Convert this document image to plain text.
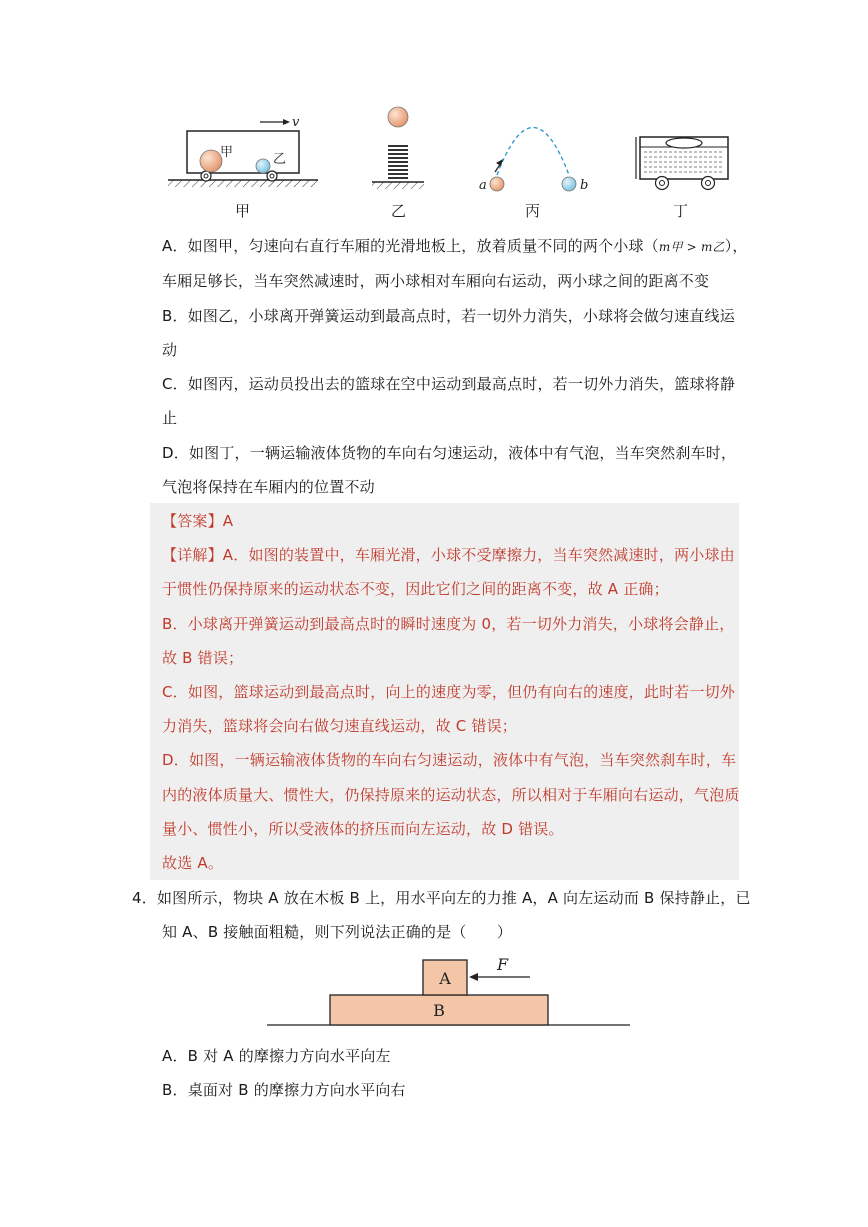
甲	乙
v
a	b
甲	乙	丙	丁
A．如图甲，匀速向右直行车厢的光滑地板上，放着质量不同的两个小球（m甲 > m乙），
车厢足够长，当车突然减速时，两小球相对车厢向右运动，两小球之间的距离不变
B．如图乙，小球离开弹簧运动到最高点时，若一切外力消失，小球将会做匀速直线运
动
C．如图丙，运动员投出去的篮球在空中运动到最高点时，若一切外力消失，篮球将静
止
D．如图丁，一辆运输液体货物的车向右匀速运动，液体中有气泡，当车突然刹车时，
气泡将保持在车厢内的位置不动
【答案】A
【详解】A．如图的装置中，车厢光滑，小球不受摩擦力，当车突然减速时，两小球由
于惯性仍保持原来的运动状态不变，因此它们之间的距离不变，故 A 正确；
B．小球离开弹簧运动到最高点时的瞬时速度为 0，若一切外力消失，小球将会静止，
故 B 错误；
C．如图，篮球运动到最高点时，向上的速度为零，但仍有向右的速度，此时若一切外
力消失，篮球将会向右做匀速直线运动，故 C 错误；
D．如图，一辆运输液体货物的车向右匀速运动，液体中有气泡，当车突然刹车时，车
内的液体质量大、惯性大，仍保持原来的运动状态，所以相对于车厢向右运动，气泡质
量小、惯性小，所以受液体的挤压而向左运动，故 D 错误。
故选 A。
4．如图所示，物块 A 放在木板 B 上，用水平向左的力推 A，A 向左运动而 B 保持静止，已
知 A、B 接触面粗糙，则下列说法正确的是（　　）
A
B
F
A．B 对 A 的摩擦力方向水平向左
B．桌面对 B 的摩擦力方向水平向右
